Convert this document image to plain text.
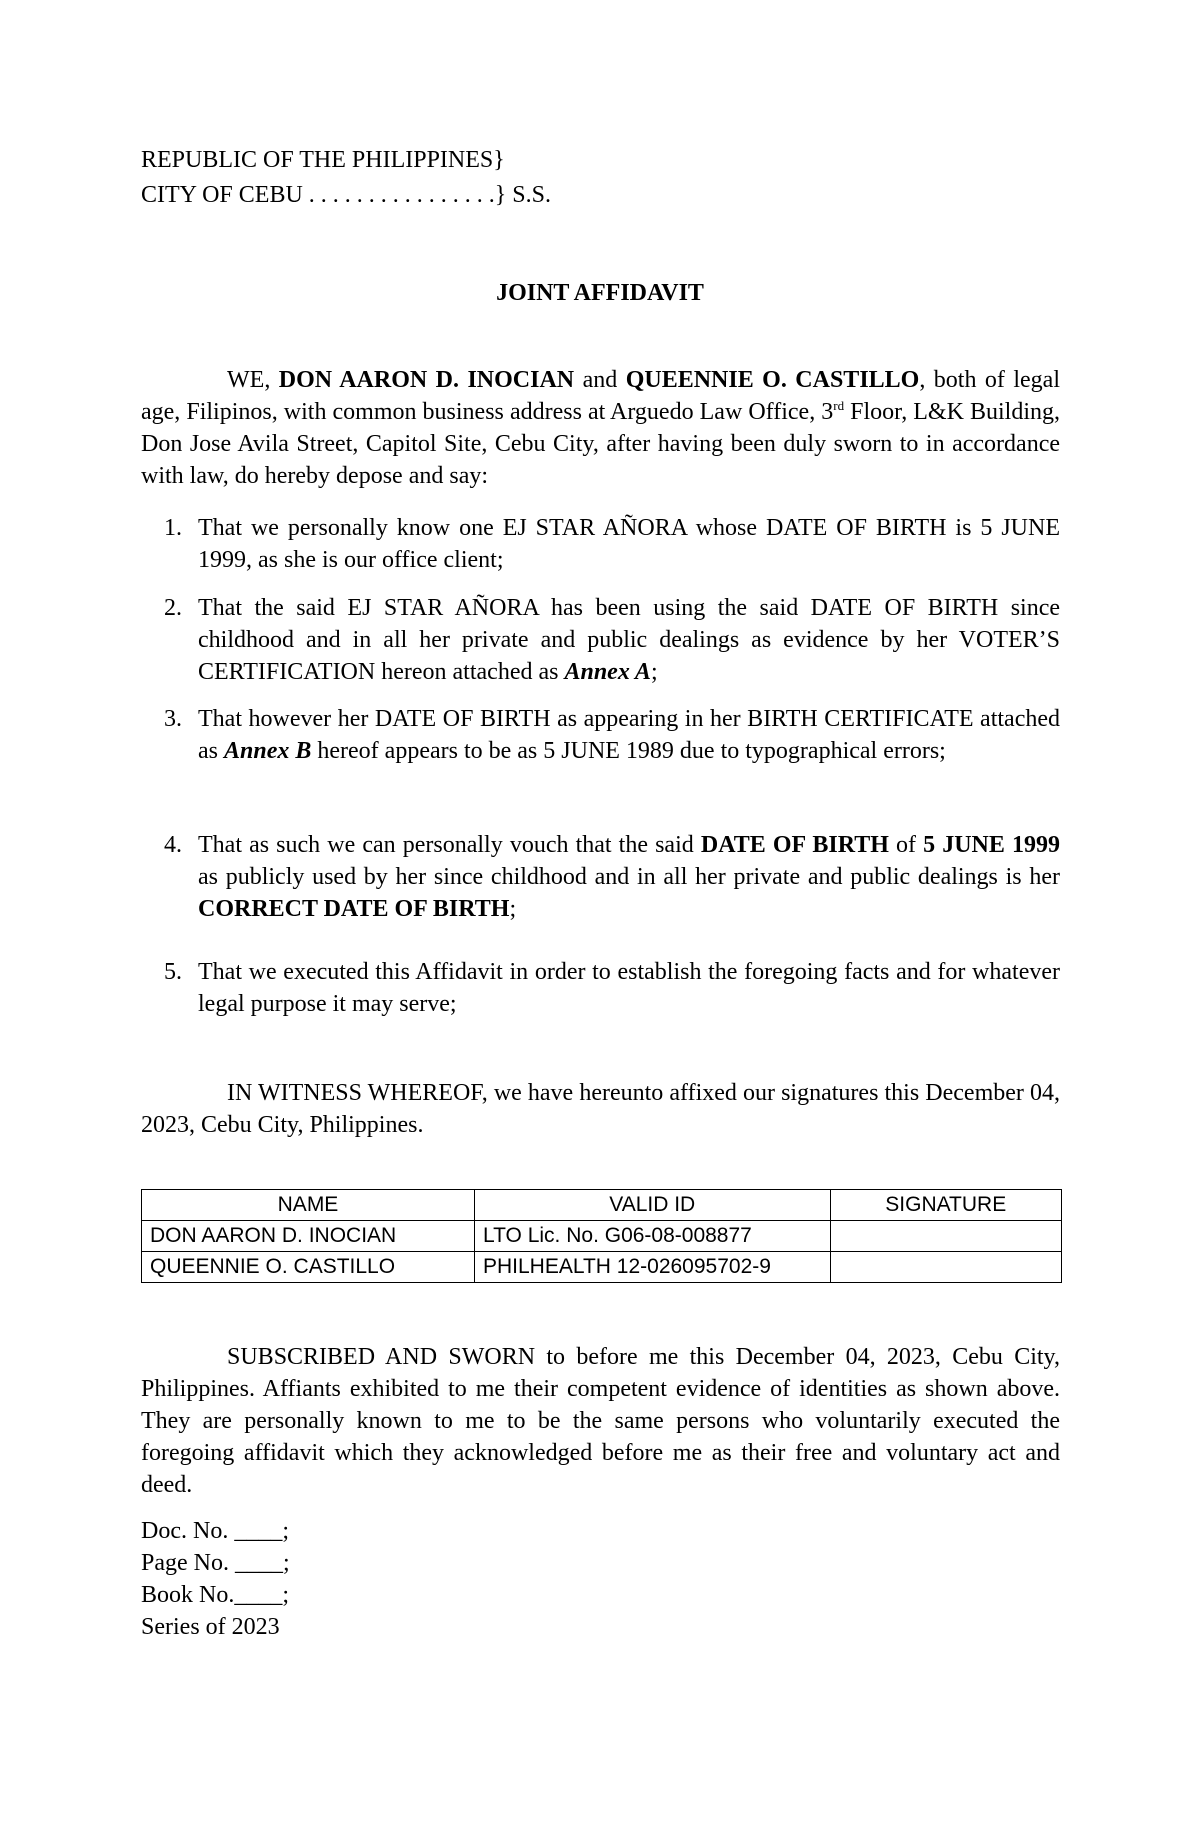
REPUBLIC OF THE PHILIPPINES}
CITY OF CEBU . . . . . . . . . . . . . . . .} S.S.
JOINT AFFIDAVIT
WE, DON AARON D. INOCIAN and QUEENNIE O. CASTILLO, both of legal age, Filipinos, with common business address at Arguedo Law Office, 3rd Floor, L&K Building, Don Jose Avila Street, Capitol Site, Cebu City, after having been duly sworn to in accordance with law, do hereby depose and say:
1. That we personally know one EJ STAR AÑORA whose DATE OF BIRTH is 5 JUNE 1999, as she is our office client;
2. That the said EJ STAR AÑORA has been using the said DATE OF BIRTH since childhood and in all her private and public dealings as evidence by her VOTER’S CERTIFICATION hereon attached as Annex A;
3. That however her DATE OF BIRTH as appearing in her BIRTH CERTIFICATE attached as Annex B hereof appears to be as 5 JUNE 1989 due to typographical errors;
4. That as such we can personally vouch that the said DATE OF BIRTH of 5 JUNE 1999 as publicly used by her since childhood and in all her private and public dealings is her CORRECT DATE OF BIRTH;
5. That we executed this Affidavit in order to establish the foregoing facts and for whatever legal purpose it may serve;
IN WITNESS WHEREOF, we have hereunto affixed our signatures this December 04, 2023, Cebu City, Philippines.
NAME	VALID ID	SIGNATURE
DON AARON D. INOCIAN	LTO Lic. No. G06-08-008877	
QUEENNIE O. CASTILLO	PHILHEALTH 12-026095702-9	
SUBSCRIBED AND SWORN to before me this December 04, 2023, Cebu City, Philippines. Affiants exhibited to me their competent evidence of identities as shown above. They are personally known to me to be the same persons who voluntarily executed the foregoing affidavit which they acknowledged before me as their free and voluntary act and deed.
Doc. No. ____;
Page No. ____;
Book No.____;
Series of 2023
